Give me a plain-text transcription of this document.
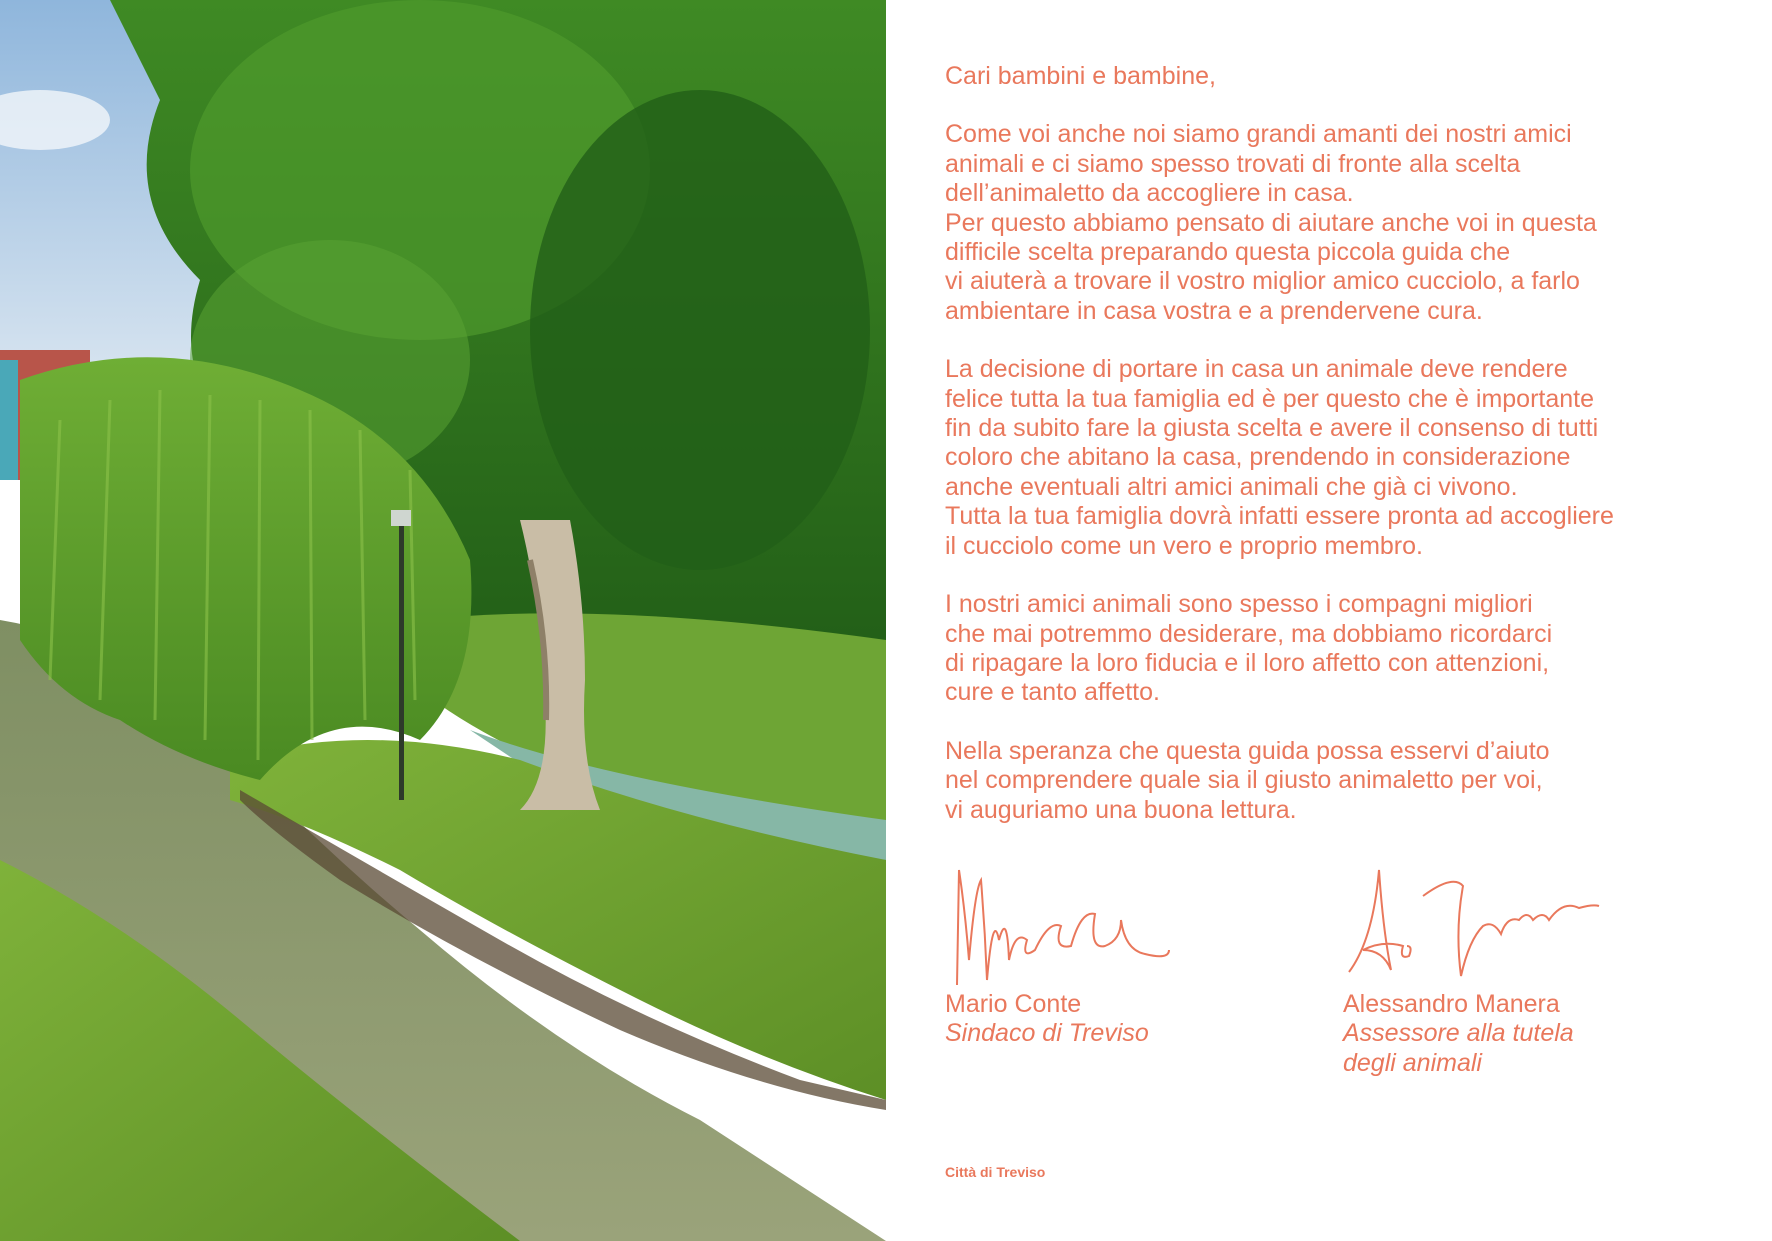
Cari bambini e bambine,

Come voi anche noi siamo grandi amanti dei nostri amici
animali e ci siamo spesso trovati di fronte alla scelta
dell’animaletto da accogliere in casa.
Per questo abbiamo pensato di aiutare anche voi in questa
difficile scelta preparando questa piccola guida che
vi aiuterà a trovare il vostro miglior amico cucciolo, a farlo
ambientare in casa vostra e a prendervene cura.

La decisione di portare in casa un animale deve rendere
felice tutta la tua famiglia ed è per questo che è importante
fin da subito fare la giusta scelta e avere il consenso di tutti
coloro che abitano la casa, prendendo in considerazione
anche eventuali altri amici animali che già ci vivono.
Tutta la tua famiglia dovrà infatti essere pronta ad accogliere
il cucciolo come un vero e proprio membro.

I nostri amici animali sono spesso i compagni migliori
che mai potremmo desiderare, ma dobbiamo ricordarci
di ripagare la loro fiducia e il loro affetto con attenzioni,
cure e tanto affetto.

Nella speranza che questa guida possa esservi d’aiuto
nel comprendere quale sia il giusto animaletto per voi,
vi auguriamo una buona lettura.

Mario Conte
Sindaco di Treviso
Alessandro Manera
Assessore alla tutela
degli animali
Città di Treviso
